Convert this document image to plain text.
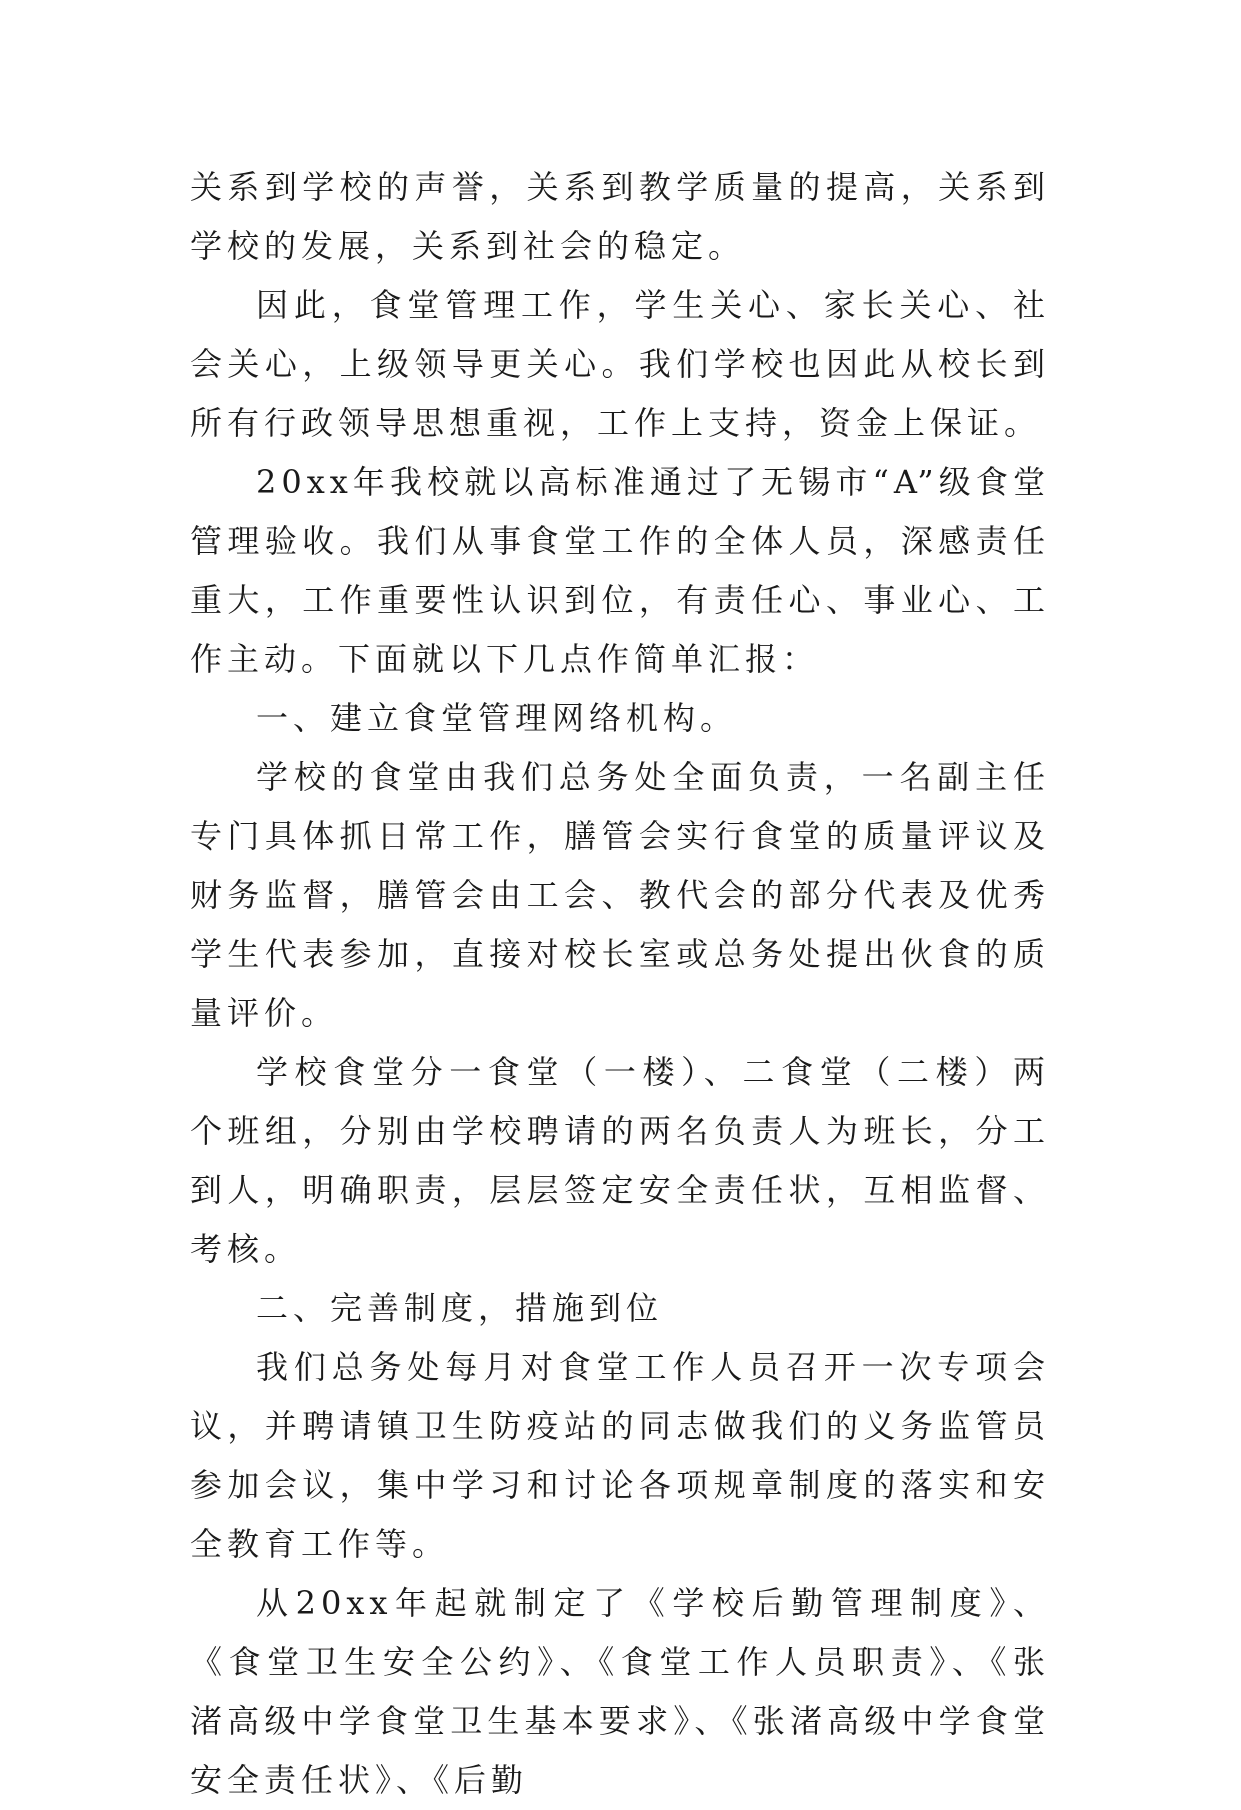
关系到学校的声誉，关系到教学质量的提高，关系到学校的发展，关系到社会的稳定。

因此，食堂管理工作，学生关心、家长关心、社会关心，上级领导更关心。我们学校也因此从校长到所有行政领导思想重视，工作上支持，资金上保证。

20xx年我校就以高标准通过了无锡市“A”级食堂管理验收。我们从事食堂工作的全体人员，深感责任重大，工作重要性认识到位，有责任心、事业心、工作主动。下面就以下几点作简单汇报：

一、建立食堂管理网络机构。

学校的食堂由我们总务处全面负责，一名副主任专门具体抓日常工作，膳管会实行食堂的质量评议及财务监督，膳管会由工会、教代会的部分代表及优秀学生代表参加，直接对校长室或总务处提出伙食的质量评价。

学校食堂分一食堂（一楼）、二食堂（二楼）两个班组，分别由学校聘请的两名负责人为班长，分工到人，明确职责，层层签定安全责任状，互相监督、考核。

二、完善制度，措施到位

我们总务处每月对食堂工作人员召开一次专项会议，并聘请镇卫生防疫站的同志做我们的义务监管员参加会议，集中学习和讨论各项规章制度的落实和安全教育工作等。

从20xx年起就制定了《学校后勤管理制度》、《食堂卫生安全公约》、《食堂工作人员职责》、《张渚高级中学食堂卫生基本要求》、《张渚高级中学食堂安全责任状》、《后勤
